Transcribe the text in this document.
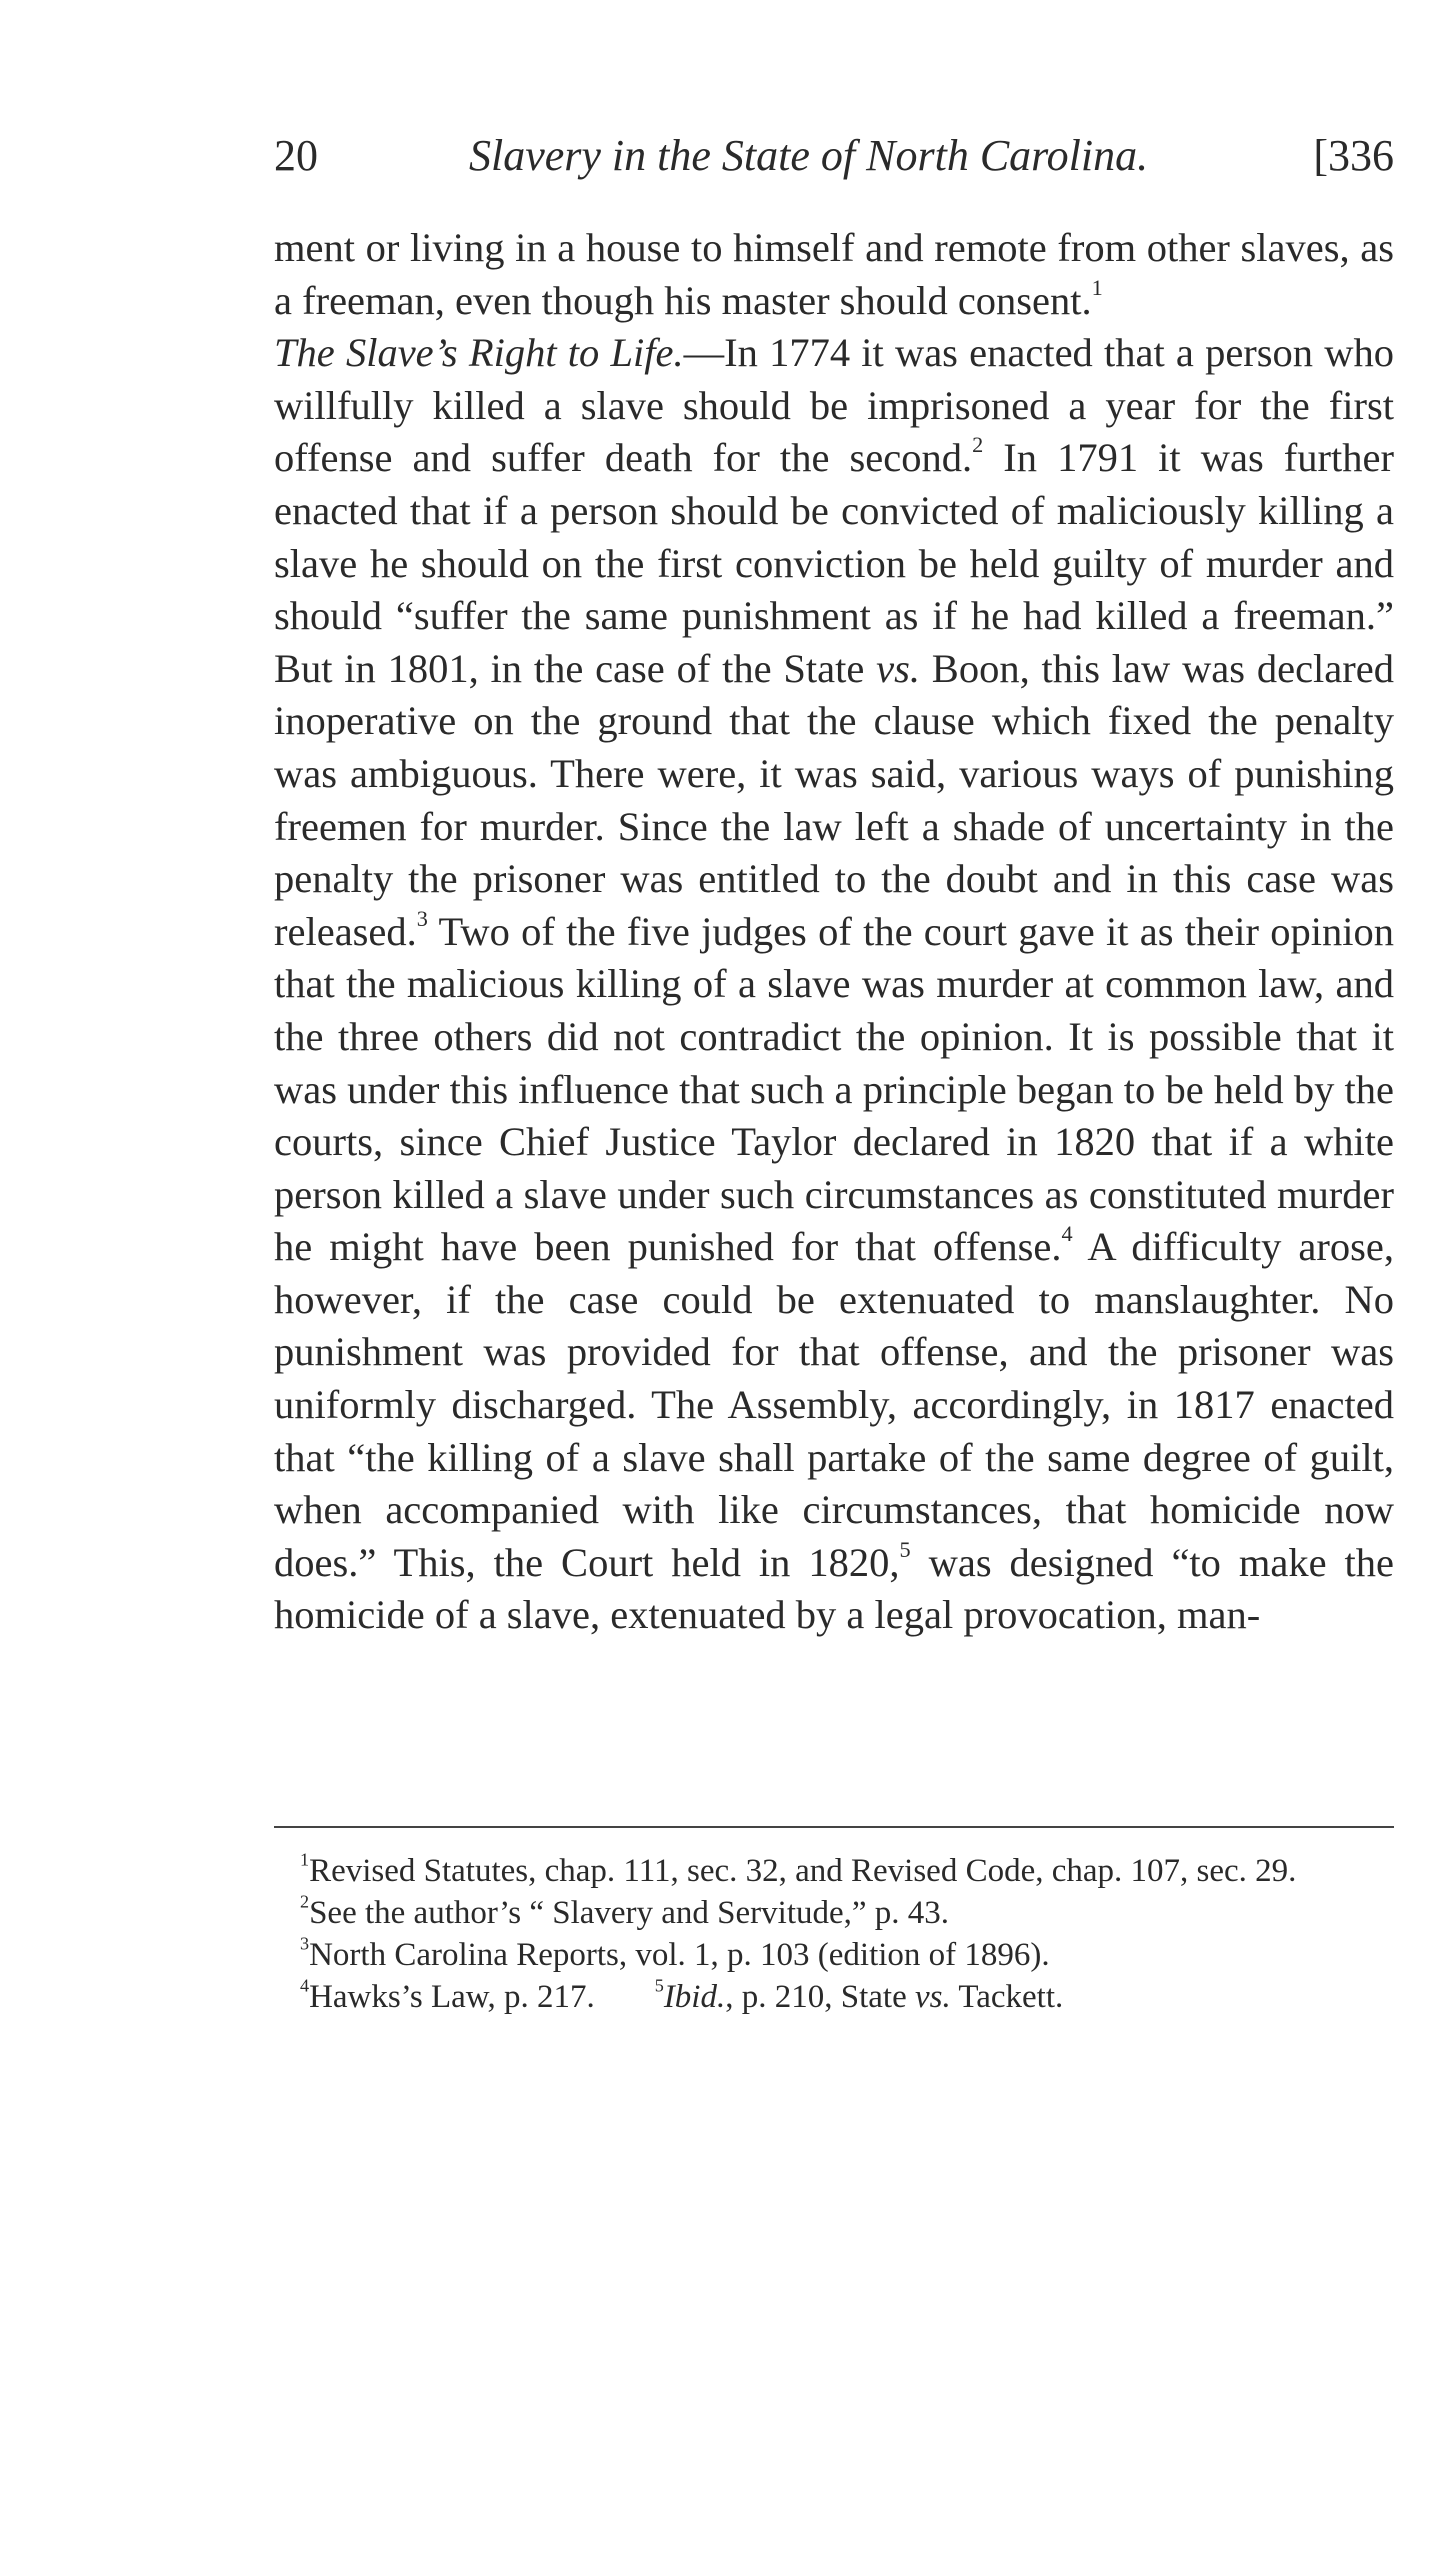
20	Slavery in the State of North Carolina.	[336

ment or living in a house to himself and remote from other slaves, as a freeman, even though his master should consent.$^1$

The Slave’s Right to Life.—In 1774 it was enacted that a person who willfully killed a slave should be imprisoned a year for the first offense and suffer death for the second.$^2$ In 1791 it was further enacted that if a person should be convicted of maliciously killing a slave he should on the first conviction be held guilty of murder and should “suffer the same punishment as if he had killed a freeman.” But in 1801, in the case of the State vs. Boon, this law was declared inoperative on the ground that the clause which fixed the penalty was ambiguous. There were, it was said, various ways of punishing freemen for murder. Since the law left a shade of uncertainty in the penalty the prisoner was entitled to the doubt and in this case was released.$^3$ Two of the five judges of the court gave it as their opinion that the malicious killing of a slave was murder at common law, and the three others did not contradict the opinion. It is possible that it was under this influence that such a principle began to be held by the courts, since Chief Justice Taylor declared in 1820 that if a white person killed a slave under such circumstances as constituted murder he might have been punished for that offense.$^4$ A difficulty arose, however, if the case could be extenuated to manslaughter. No punishment was provided for that offense, and the prisoner was uniformly discharged. The Assembly, accordingly, in 1817 enacted that “the killing of a slave shall partake of the same degree of guilt, when accompanied with like circumstances, that homicide now does.” This, the Court held in 1820,$^5$ was designed “to make the homicide of a slave, extenuated by a legal provocation, man-

$^1$Revised Statutes, chap. 111, sec. 32, and Revised Code, chap. 107, sec. 29.

$^2$See the author’s “ Slavery and Servitude,” p. 43.

$^3$North Carolina Reports, vol. 1, p. 103 (edition of 1896).

$^4$Hawks’s Law, p. 217.	$^5$Ibid., p. 210, State vs. Tackett.
